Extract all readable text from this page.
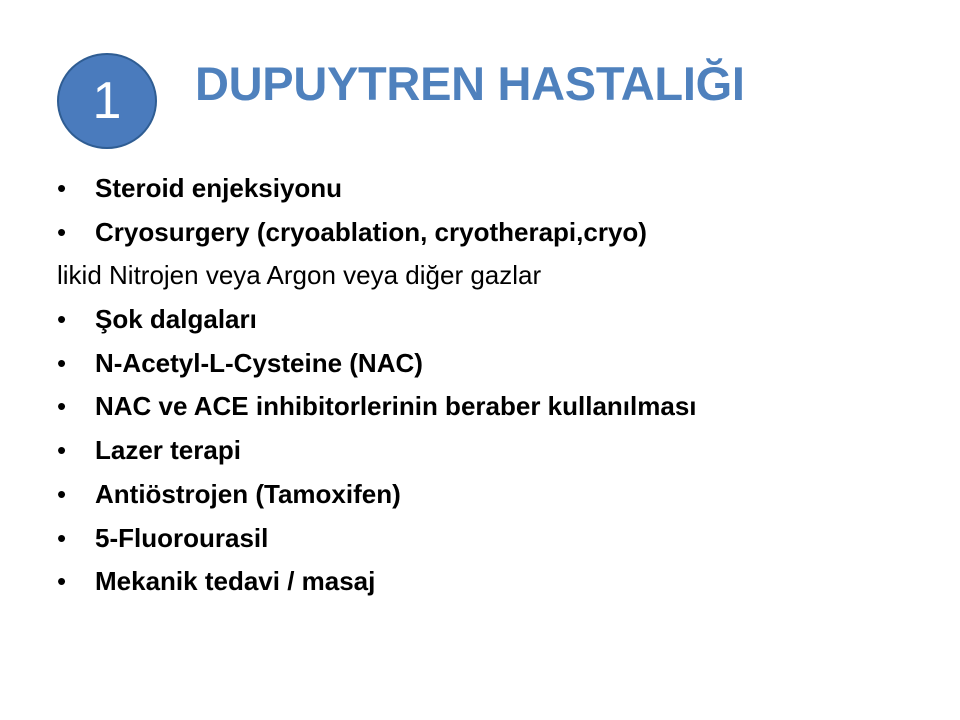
1 DUPUYTREN HASTALIĞI
• Steroid enjeksiyonu
• Cryosurgery (cryoablation, cryotherapi,cryo)
likid Nitrojen veya Argon veya diğer gazlar
• Şok dalgaları
• N-Acetyl-L-Cysteine (NAC)
• NAC ve ACE inhibitorlerinin beraber kullanılması
• Lazer terapi
• Antiöstrojen (Tamoxifen)
• 5-Fluorourasil
• Mekanik tedavi / masaj
